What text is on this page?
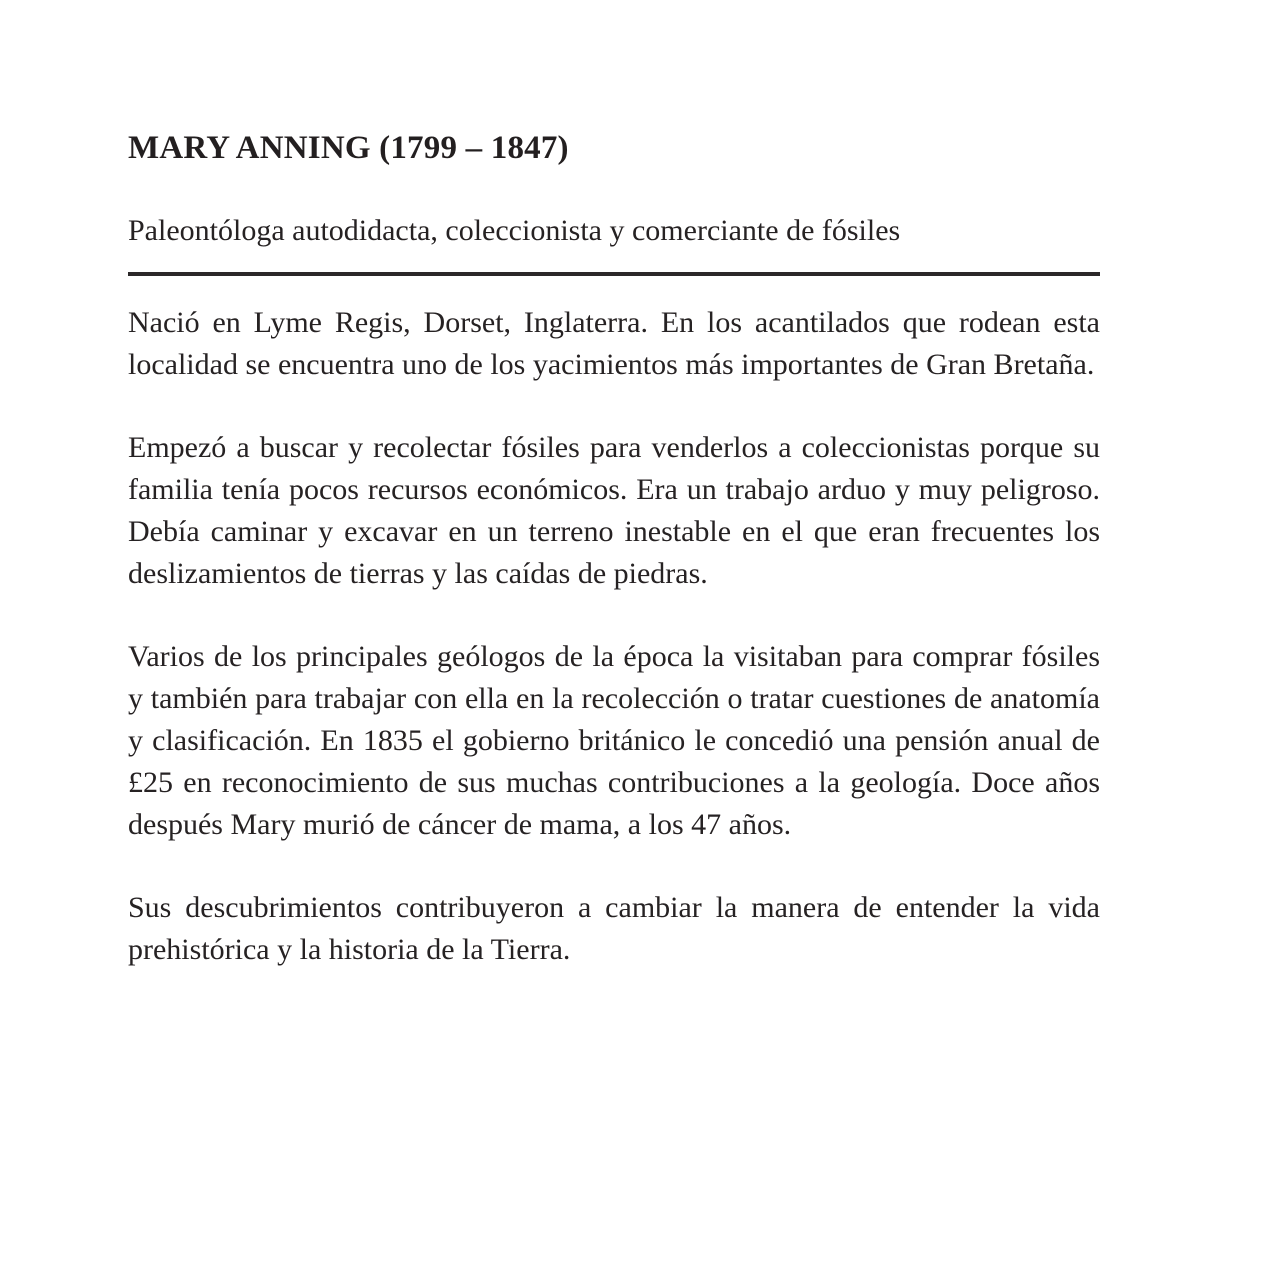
MARY ANNING (1799 – 1847)

Paleontóloga autodidacta, coleccionista y comerciante de fósiles

Nació en Lyme Regis, Dorset, Inglaterra. En los acantilados que rodean esta localidad se encuentra uno de los yacimientos más importantes de Gran Bretaña.

Empezó a buscar y recolectar fósiles para venderlos a coleccionistas porque su familia tenía pocos recursos económicos. Era un trabajo arduo y muy peligroso. Debía caminar y excavar en un terreno inestable en el que eran frecuentes los deslizamientos de tierras y las caídas de piedras.

Varios de los principales geólogos de la época la visitaban para comprar fósiles y también para trabajar con ella en la recolección o tratar cuestiones de anatomía y clasificación. En 1835 el gobierno británico le concedió una pensión anual de £25 en reconocimiento de sus muchas contribuciones a la geología. Doce años después Mary murió de cáncer de mama, a los 47 años.

Sus descubrimientos contribuyeron a cambiar la manera de entender la vida prehistórica y la historia de la Tierra.
